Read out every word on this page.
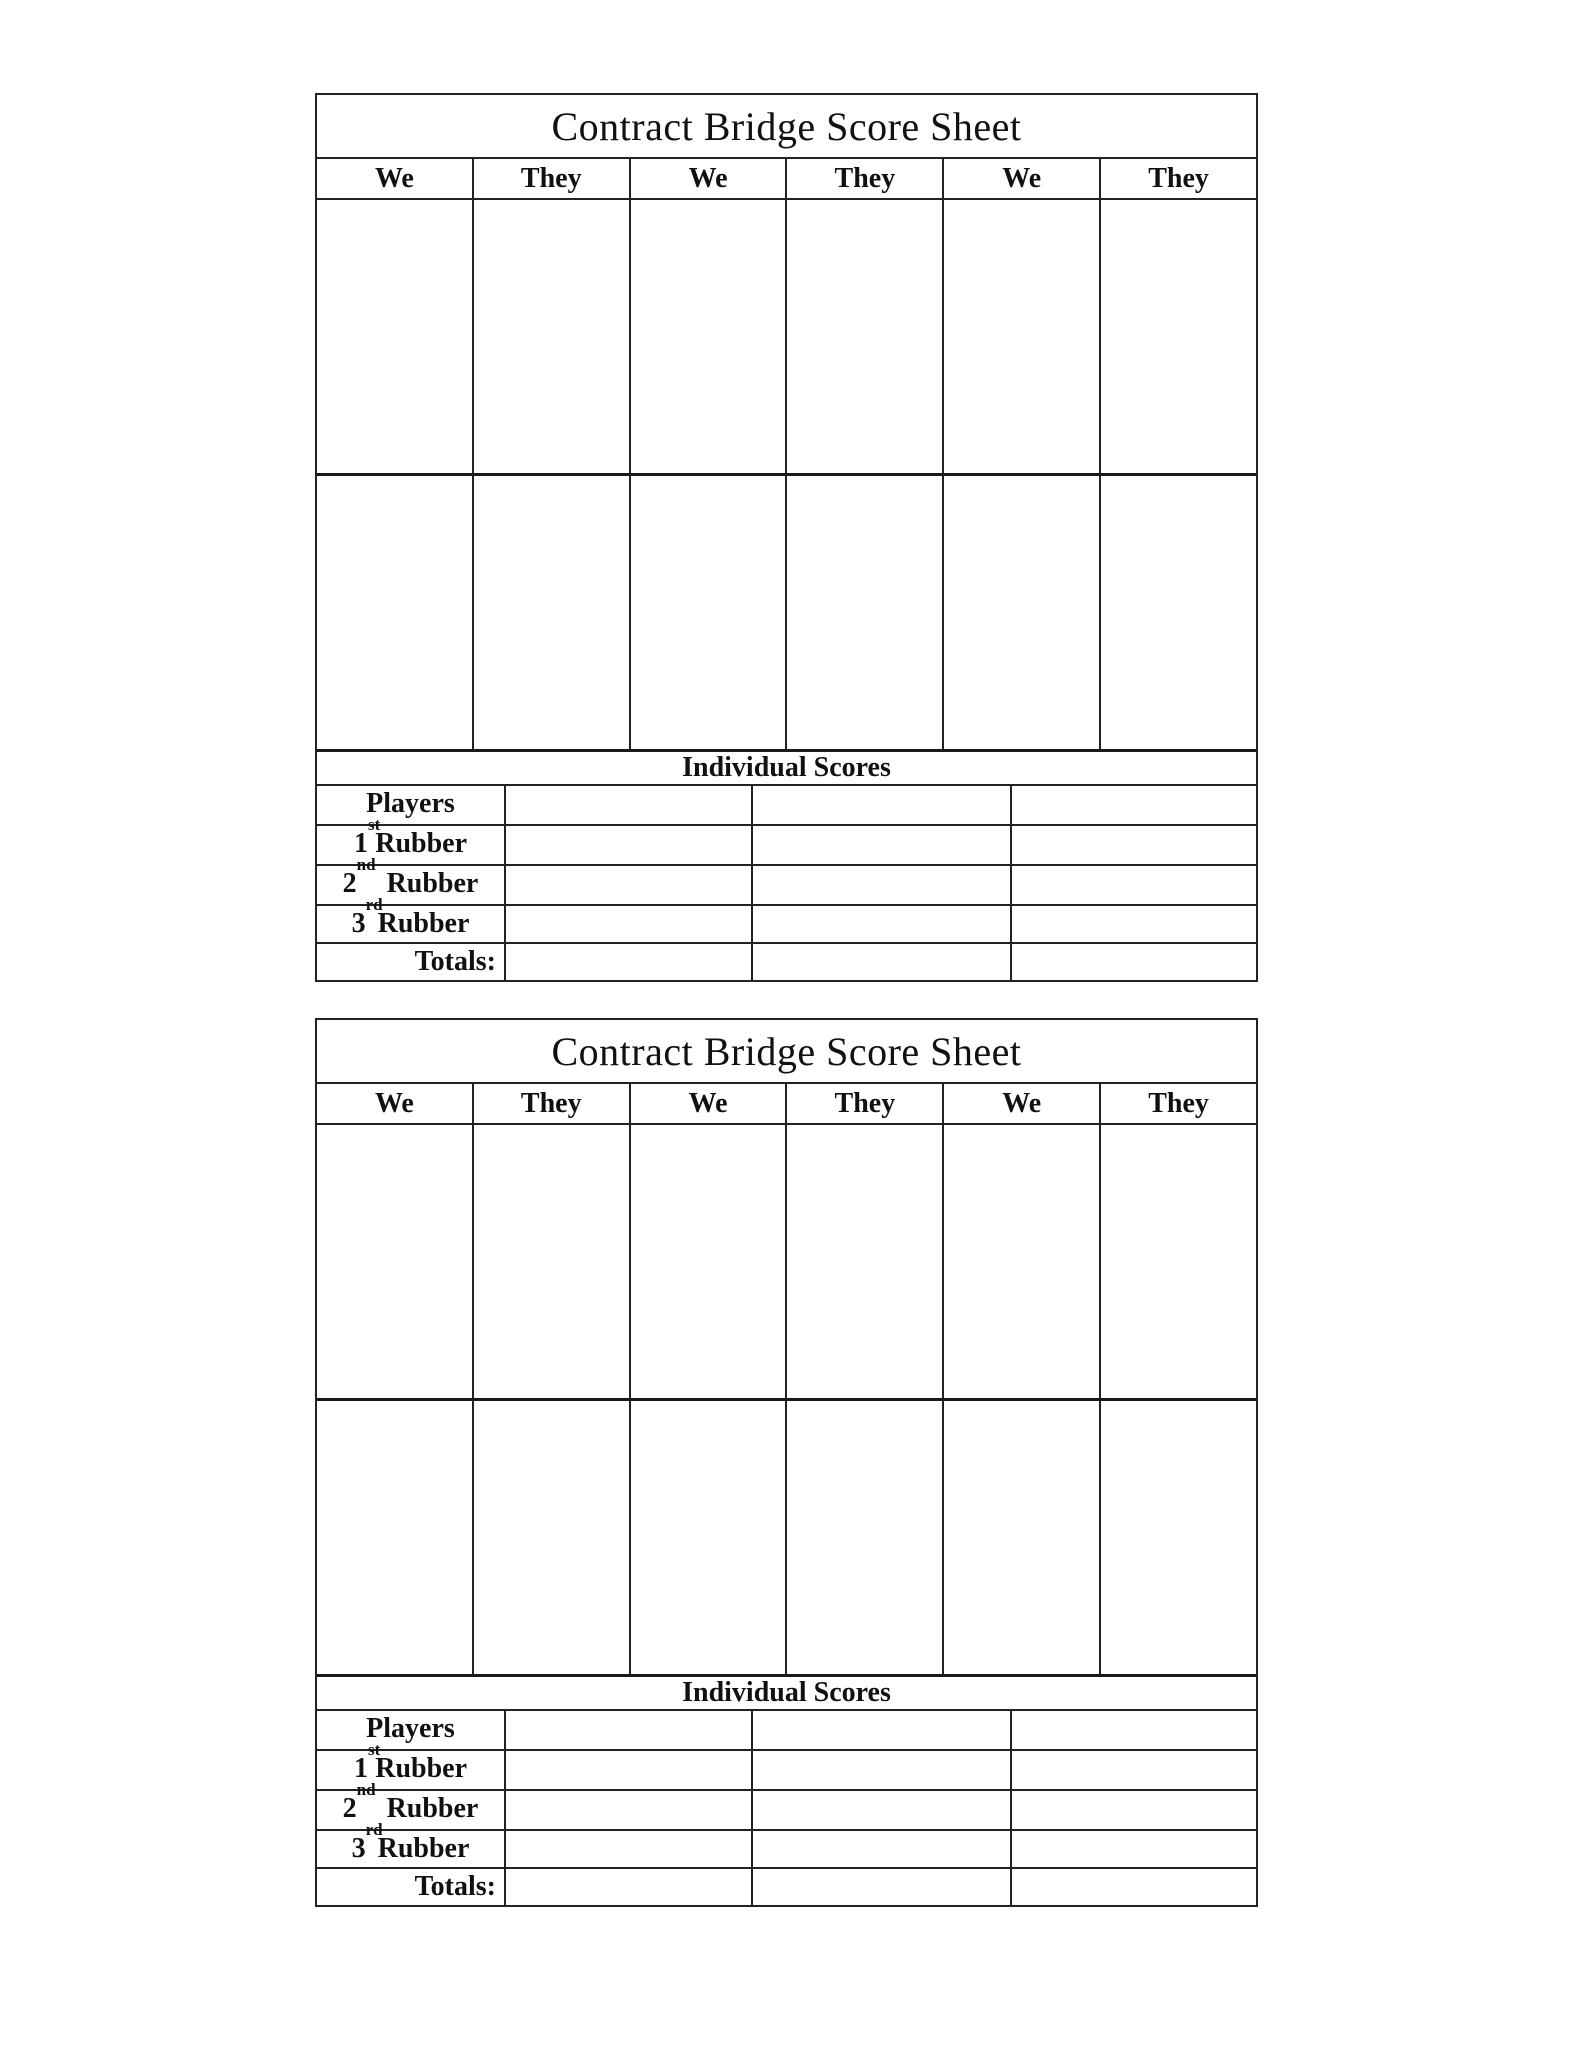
Contract Bridge Score Sheet
We	They	We	They	We	They
Individual Scores
Players
1stRubber
2ndRubber
3rdRubber
Totals:
Contract Bridge Score Sheet
We	They	We	They	We	They
Individual Scores
Players
1stRubber
2ndRubber
3rdRubber
Totals:
